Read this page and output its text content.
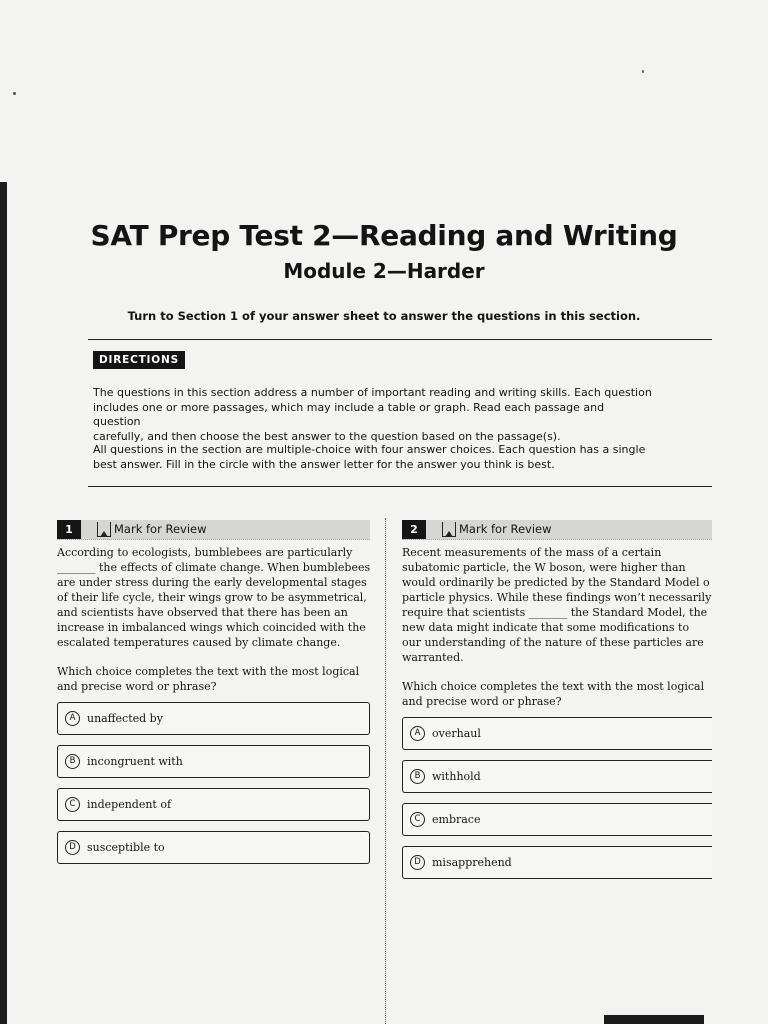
SAT Prep Test 2—Reading and Writing
Module 2—Harder
Turn to Section 1 of your answer sheet to answer the questions in this section.
DIRECTIONS
The questions in this section address a number of important reading and writing skills. Each question
includes one or more passages, which may include a table or graph. Read each passage and question
carefully, and then choose the best answer to the question based on the passage(s).
All questions in the section are multiple-choice with four answer choices. Each question has a single
best answer. Fill in the circle with the answer letter for the answer you think is best.
1	Mark for Review
According to ecologists, bumblebees are particularly
_______ the effects of climate change. When bumblebees
are under stress during the early developmental stages
of their life cycle, their wings grow to be asymmetrical,
and scientists have observed that there has been an
increase in imbalanced wings which coincided with the
escalated temperatures caused by climate change.
Which choice completes the text with the most logical
and precise word or phrase?
A	unaffected by
B	incongruent with
C	independent of
D	susceptible to
2	Mark for Review
Recent measurements of the mass of a certain
subatomic particle, the W boson, were higher than
would ordinarily be predicted by the Standard Model o
particle physics. While these findings won’t necessarily
require that scientists _______ the Standard Model, the
new data might indicate that some modifications to
our understanding of the nature of these particles are
warranted.
Which choice completes the text with the most logical
and precise word or phrase?
A	overhaul
B	withhold
C	embrace
D	misapprehend
